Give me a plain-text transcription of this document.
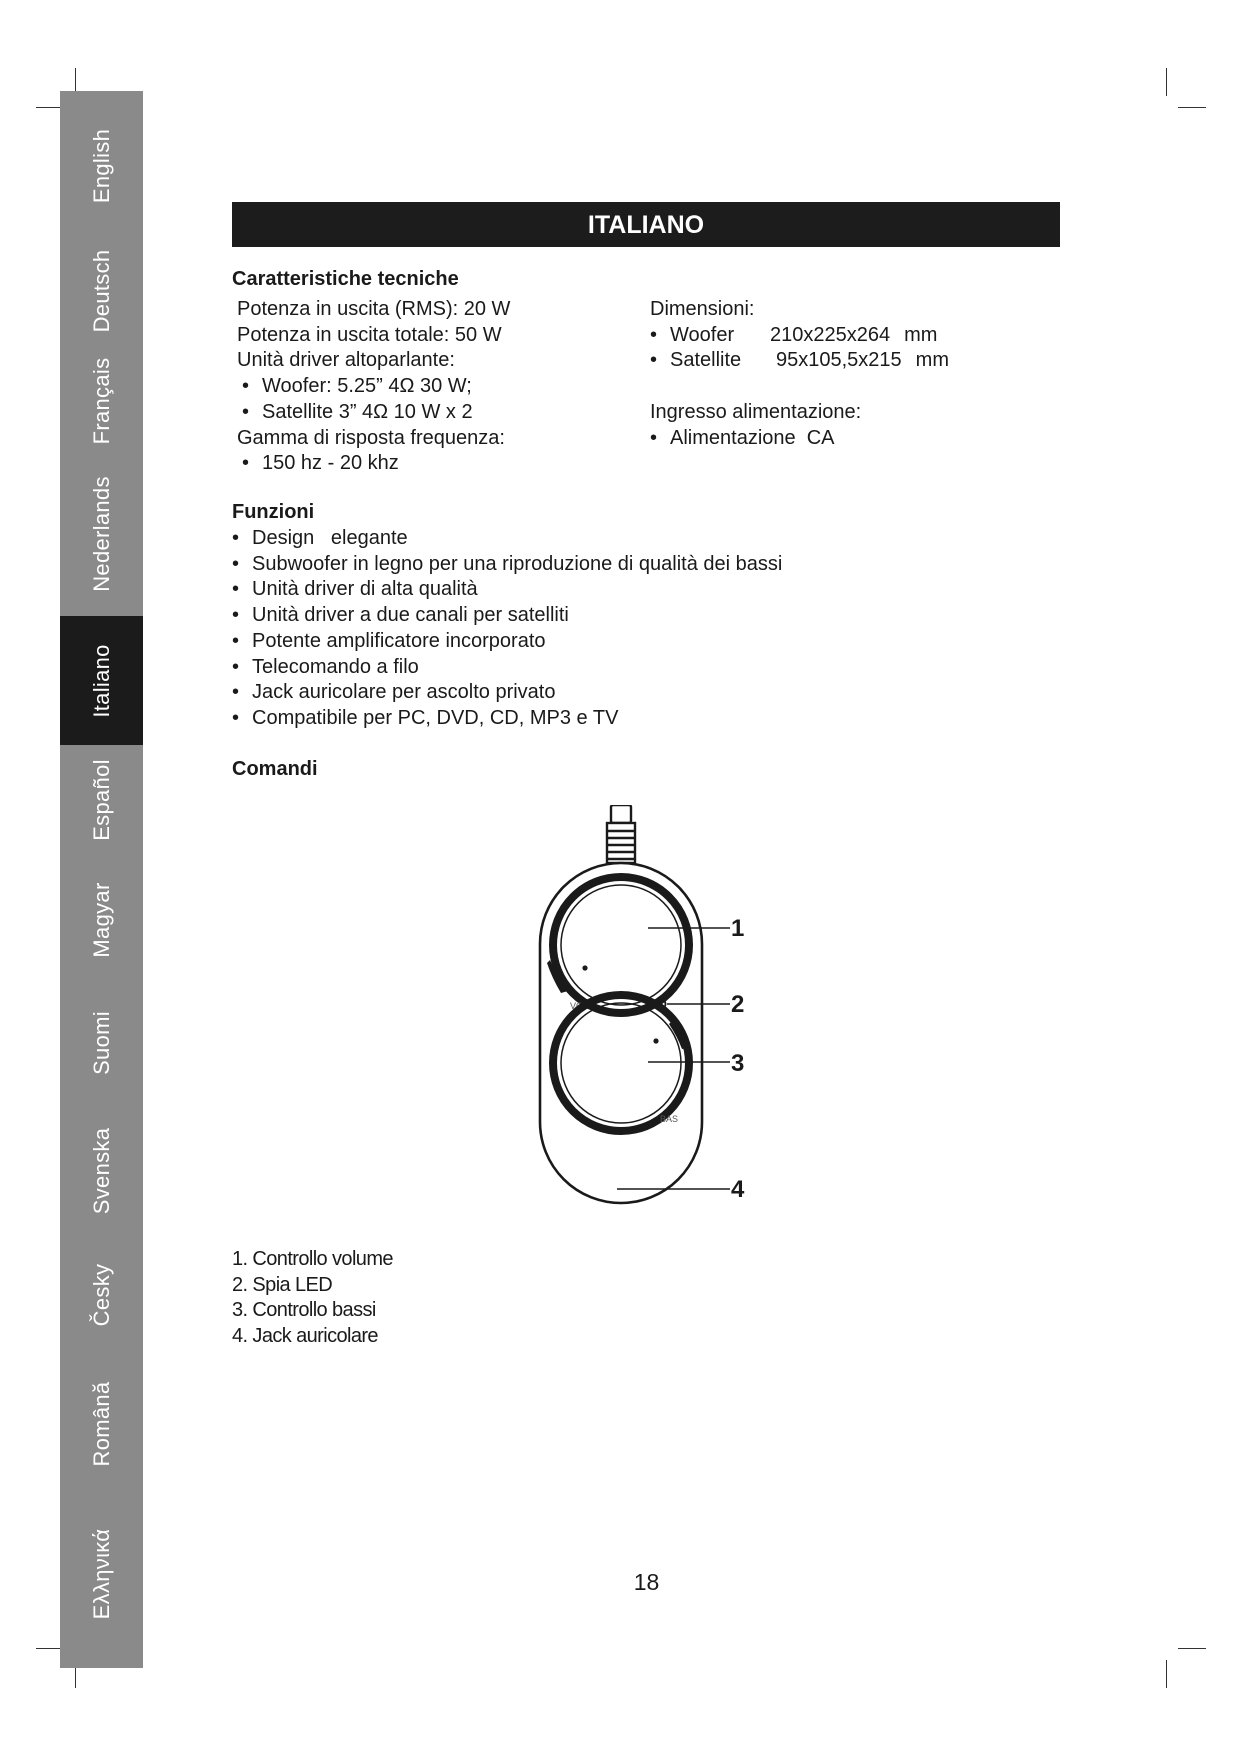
English
Deutsch
Français
Nederlands
Italiano
Español
Magyar
Suomi
Svenska
Česky
Română
Ελληνικά
ITALIANO
Caratteristiche tecniche
Potenza in uscita (RMS): 20 W
Potenza in uscita totale: 50 W
Unità driver altoparlante:
• Woofer: 5.25” 4Ω 30 W;
• Satellite 3” 4Ω 10 W x 2
Gamma di risposta frequenza:
• 150 hz - 20 khz
Dimensioni:
• Woofer 210x225x264 mm
• Satellite 95x105,5x215 mm
Ingresso alimentazione:
• Alimentazione  CA
Funzioni
• Design   elegante
• Subwoofer in legno per una riproduzione di qualità dei bassi
• Unità driver di alta qualità
• Unità driver a due canali per satelliti
• Potente amplificatore incorporato
• Telecomando a filo
• Jack auricolare per ascolto privato
• Compatibile per PC, DVD, CD, MP3 e TV
Comandi
VOL
BAS
1
2
3
4
1. Controllo volume
2. Spia LED
3. Controllo bassi
4. Jack auricolare
18
